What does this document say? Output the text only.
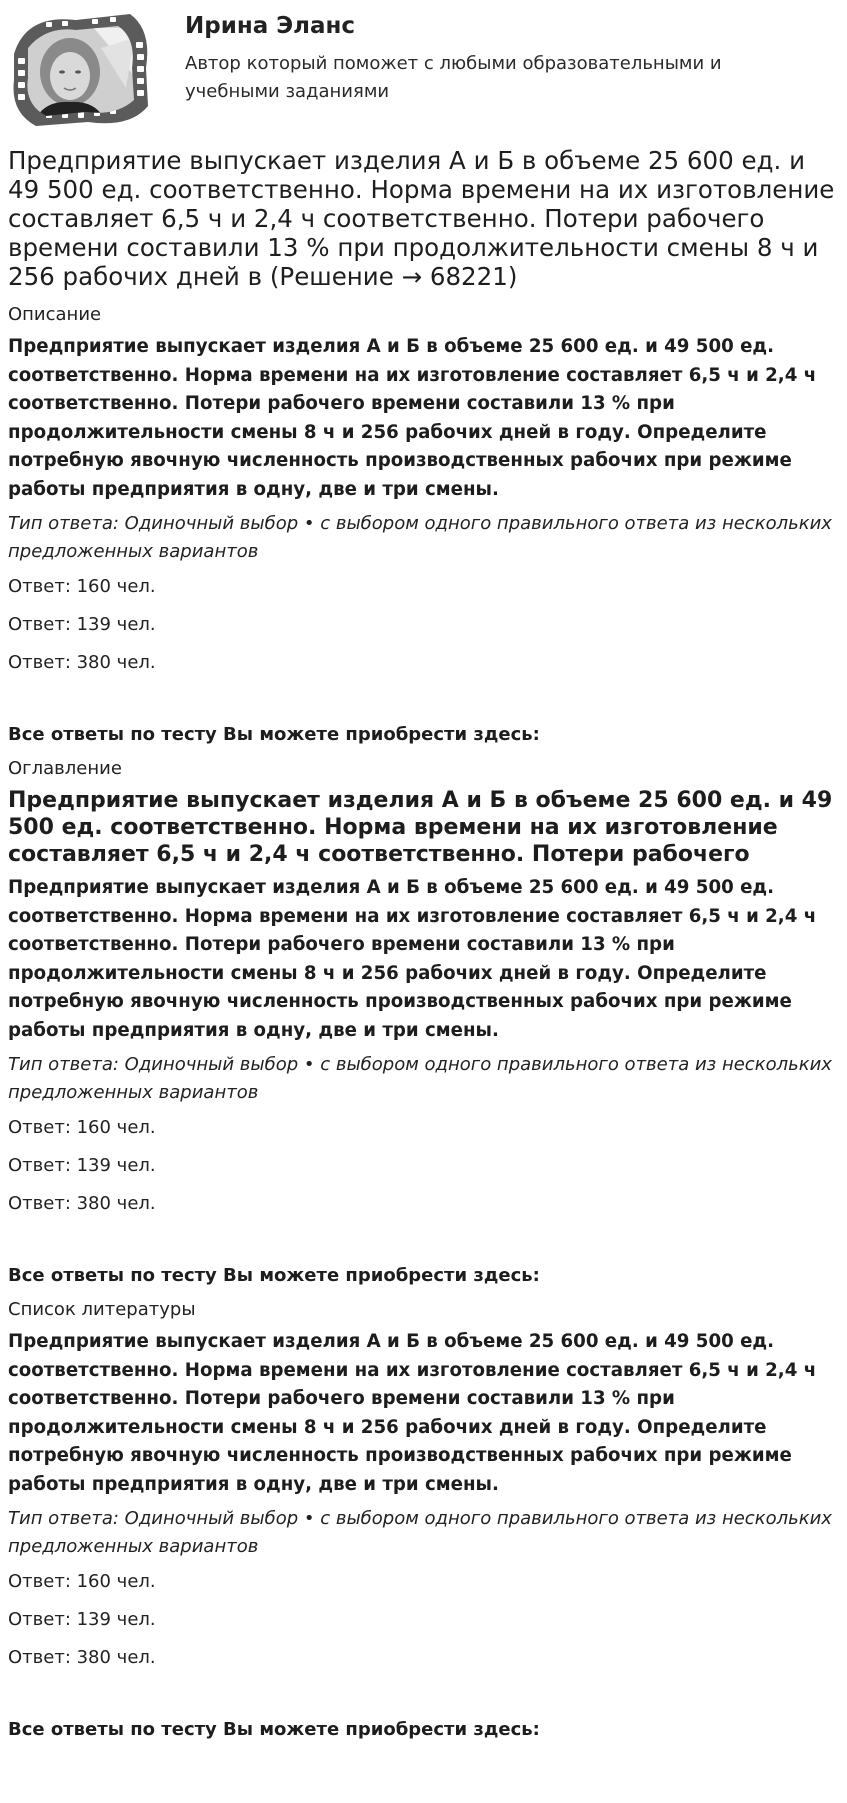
Ирина Эланс
Автор который поможет с любыми образовательными и учебными заданиями
Предприятие выпускает изделия А и Б в объеме 25 600 ед. и 49 500 ед. соответственно. Норма времени на их изготовление составляет 6,5 ч и 2,4 ч соответственно. Потери рабочего времени составили 13 % при продолжительности смены 8 ч и 256 рабочих дней в (Решение → 68221)
Описание

Предприятие выпускает изделия А и Б в объеме 25 600 ед. и 49 500 ед. соответственно. Норма времени на их изготовление составляет 6,5 ч и 2,4 ч соответственно. Потери рабочего времени составили 13 % при продолжительности смены 8 ч и 256 рабочих дней в году. Определите потребную явочную численность производственных рабочих при режиме работы предприятия в одну, две и три смены.

Тип ответа: Одиночный выбор • с выбором одного правильного ответа из нескольких предложенных вариантов

Ответ: 160 чел.

Ответ: 139 чел.

Ответ: 380 чел.

Все ответы по тесту Вы можете приобрести здесь:

Оглавление
Предприятие выпускает изделия А и Б в объеме 25 600 ед. и 49 500 ед. соответственно. Норма времени на их изготовление составляет 6,5 ч и 2,4 ч соответственно. Потери рабочего

Предприятие выпускает изделия А и Б в объеме 25 600 ед. и 49 500 ед. соответственно. Норма времени на их изготовление составляет 6,5 ч и 2,4 ч соответственно. Потери рабочего времени составили 13 % при продолжительности смены 8 ч и 256 рабочих дней в году. Определите потребную явочную численность производственных рабочих при режиме работы предприятия в одну, две и три смены.

Тип ответа: Одиночный выбор • с выбором одного правильного ответа из нескольких предложенных вариантов

Ответ: 160 чел.

Ответ: 139 чел.

Ответ: 380 чел.

Все ответы по тесту Вы можете приобрести здесь:

Список литературы

Предприятие выпускает изделия А и Б в объеме 25 600 ед. и 49 500 ед. соответственно. Норма времени на их изготовление составляет 6,5 ч и 2,4 ч соответственно. Потери рабочего времени составили 13 % при продолжительности смены 8 ч и 256 рабочих дней в году. Определите потребную явочную численность производственных рабочих при режиме работы предприятия в одну, две и три смены.

Тип ответа: Одиночный выбор • с выбором одного правильного ответа из нескольких предложенных вариантов

Ответ: 160 чел.

Ответ: 139 чел.

Ответ: 380 чел.

Все ответы по тесту Вы можете приобрести здесь:
